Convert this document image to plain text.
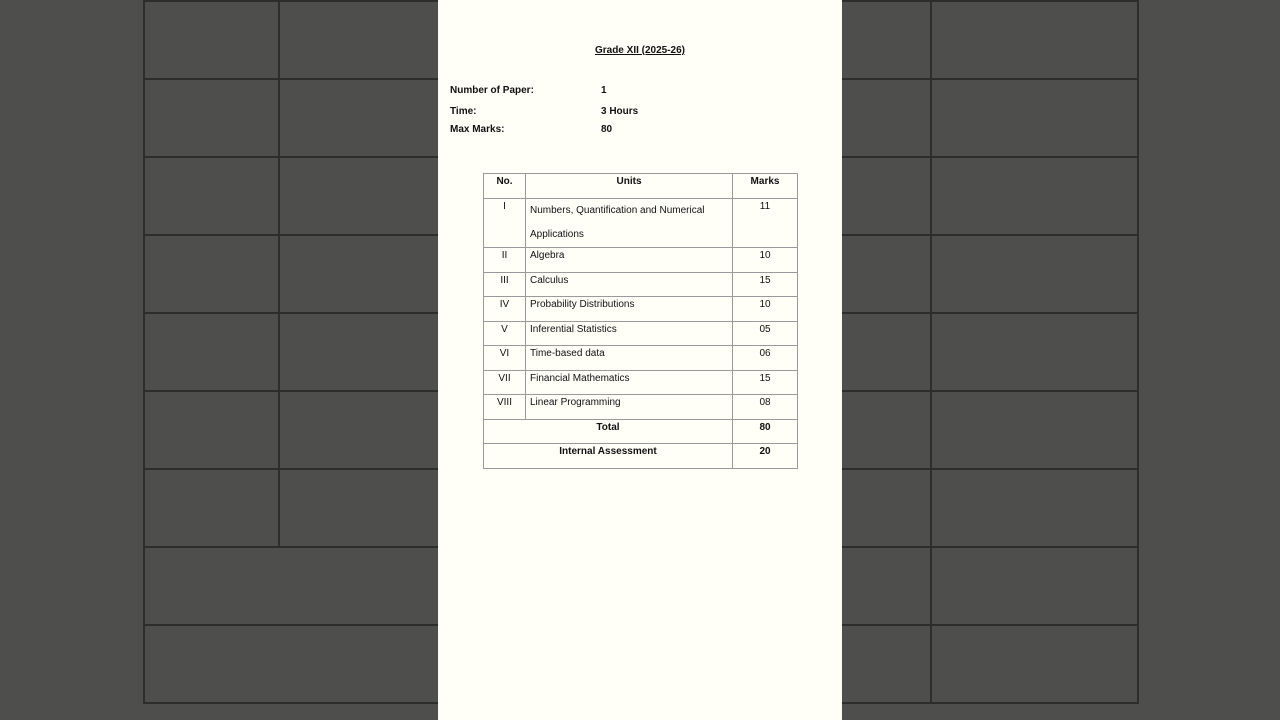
Grade XII (2025-26)
Number of Paper:	1
Time:	3 Hours
Max Marks:	80
No.	Units	Marks
I	Numbers, Quantification and Numerical Applications	11
II	Algebra	10
III	Calculus	15
IV	Probability Distributions	10
V	Inferential Statistics	05
VI	Time-based data	06
VII	Financial Mathematics	15
VIII	Linear Programming	08
Total		80
Internal Assessment		20
